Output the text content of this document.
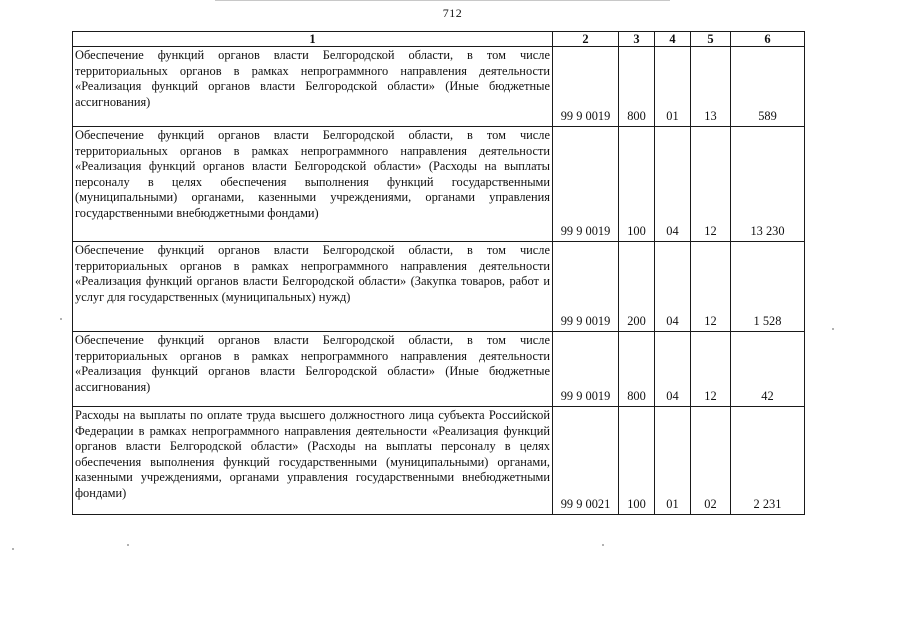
712
1	2	3	4	5	6
Обеспечение функций органов власти Белгородской области, в том числе территориальных органов в рамках непрограммного направления деятельности «Реализация функций органов власти Белгородской области» (Иные бюджетные ассигнования)	99 9 0019	800	01	13	589
Обеспечение функций органов власти Белгородской области, в том числе территориальных органов в рамках непрограммного направления деятельности «Реализация функций органов власти Белгородской области» (Расходы на выплаты персоналу в целях обеспечения выполнения функций государственными (муниципальными) органами, казенными учреждениями, органами управления государственными внебюджетными фондами)	99 9 0019	100	04	12	13 230
Обеспечение функций органов власти Белгородской области, в том числе территориальных органов в рамках непрограммного направления деятельности «Реализация функций органов власти Белгородской области» (Закупка товаров, работ и услуг для государственных (муниципальных) нужд)	99 9 0019	200	04	12	1 528
Обеспечение функций органов власти Белгородской области, в том числе территориальных органов в рамках непрограммного направления деятельности «Реализация функций органов власти Белгородской области» (Иные бюджетные ассигнования)	99 9 0019	800	04	12	42
Расходы на выплаты по оплате труда высшего должностного лица субъекта Российской Федерации в рамках непрограммного направления деятельности «Реализация функций органов власти Белгородской области» (Расходы на выплаты персоналу в целях обеспечения выполнения функций государственными (муниципальными) органами, казенными учреждениями, органами управления государственными внебюджетными фондами)	99 9 0021	100	01	02	2 231
